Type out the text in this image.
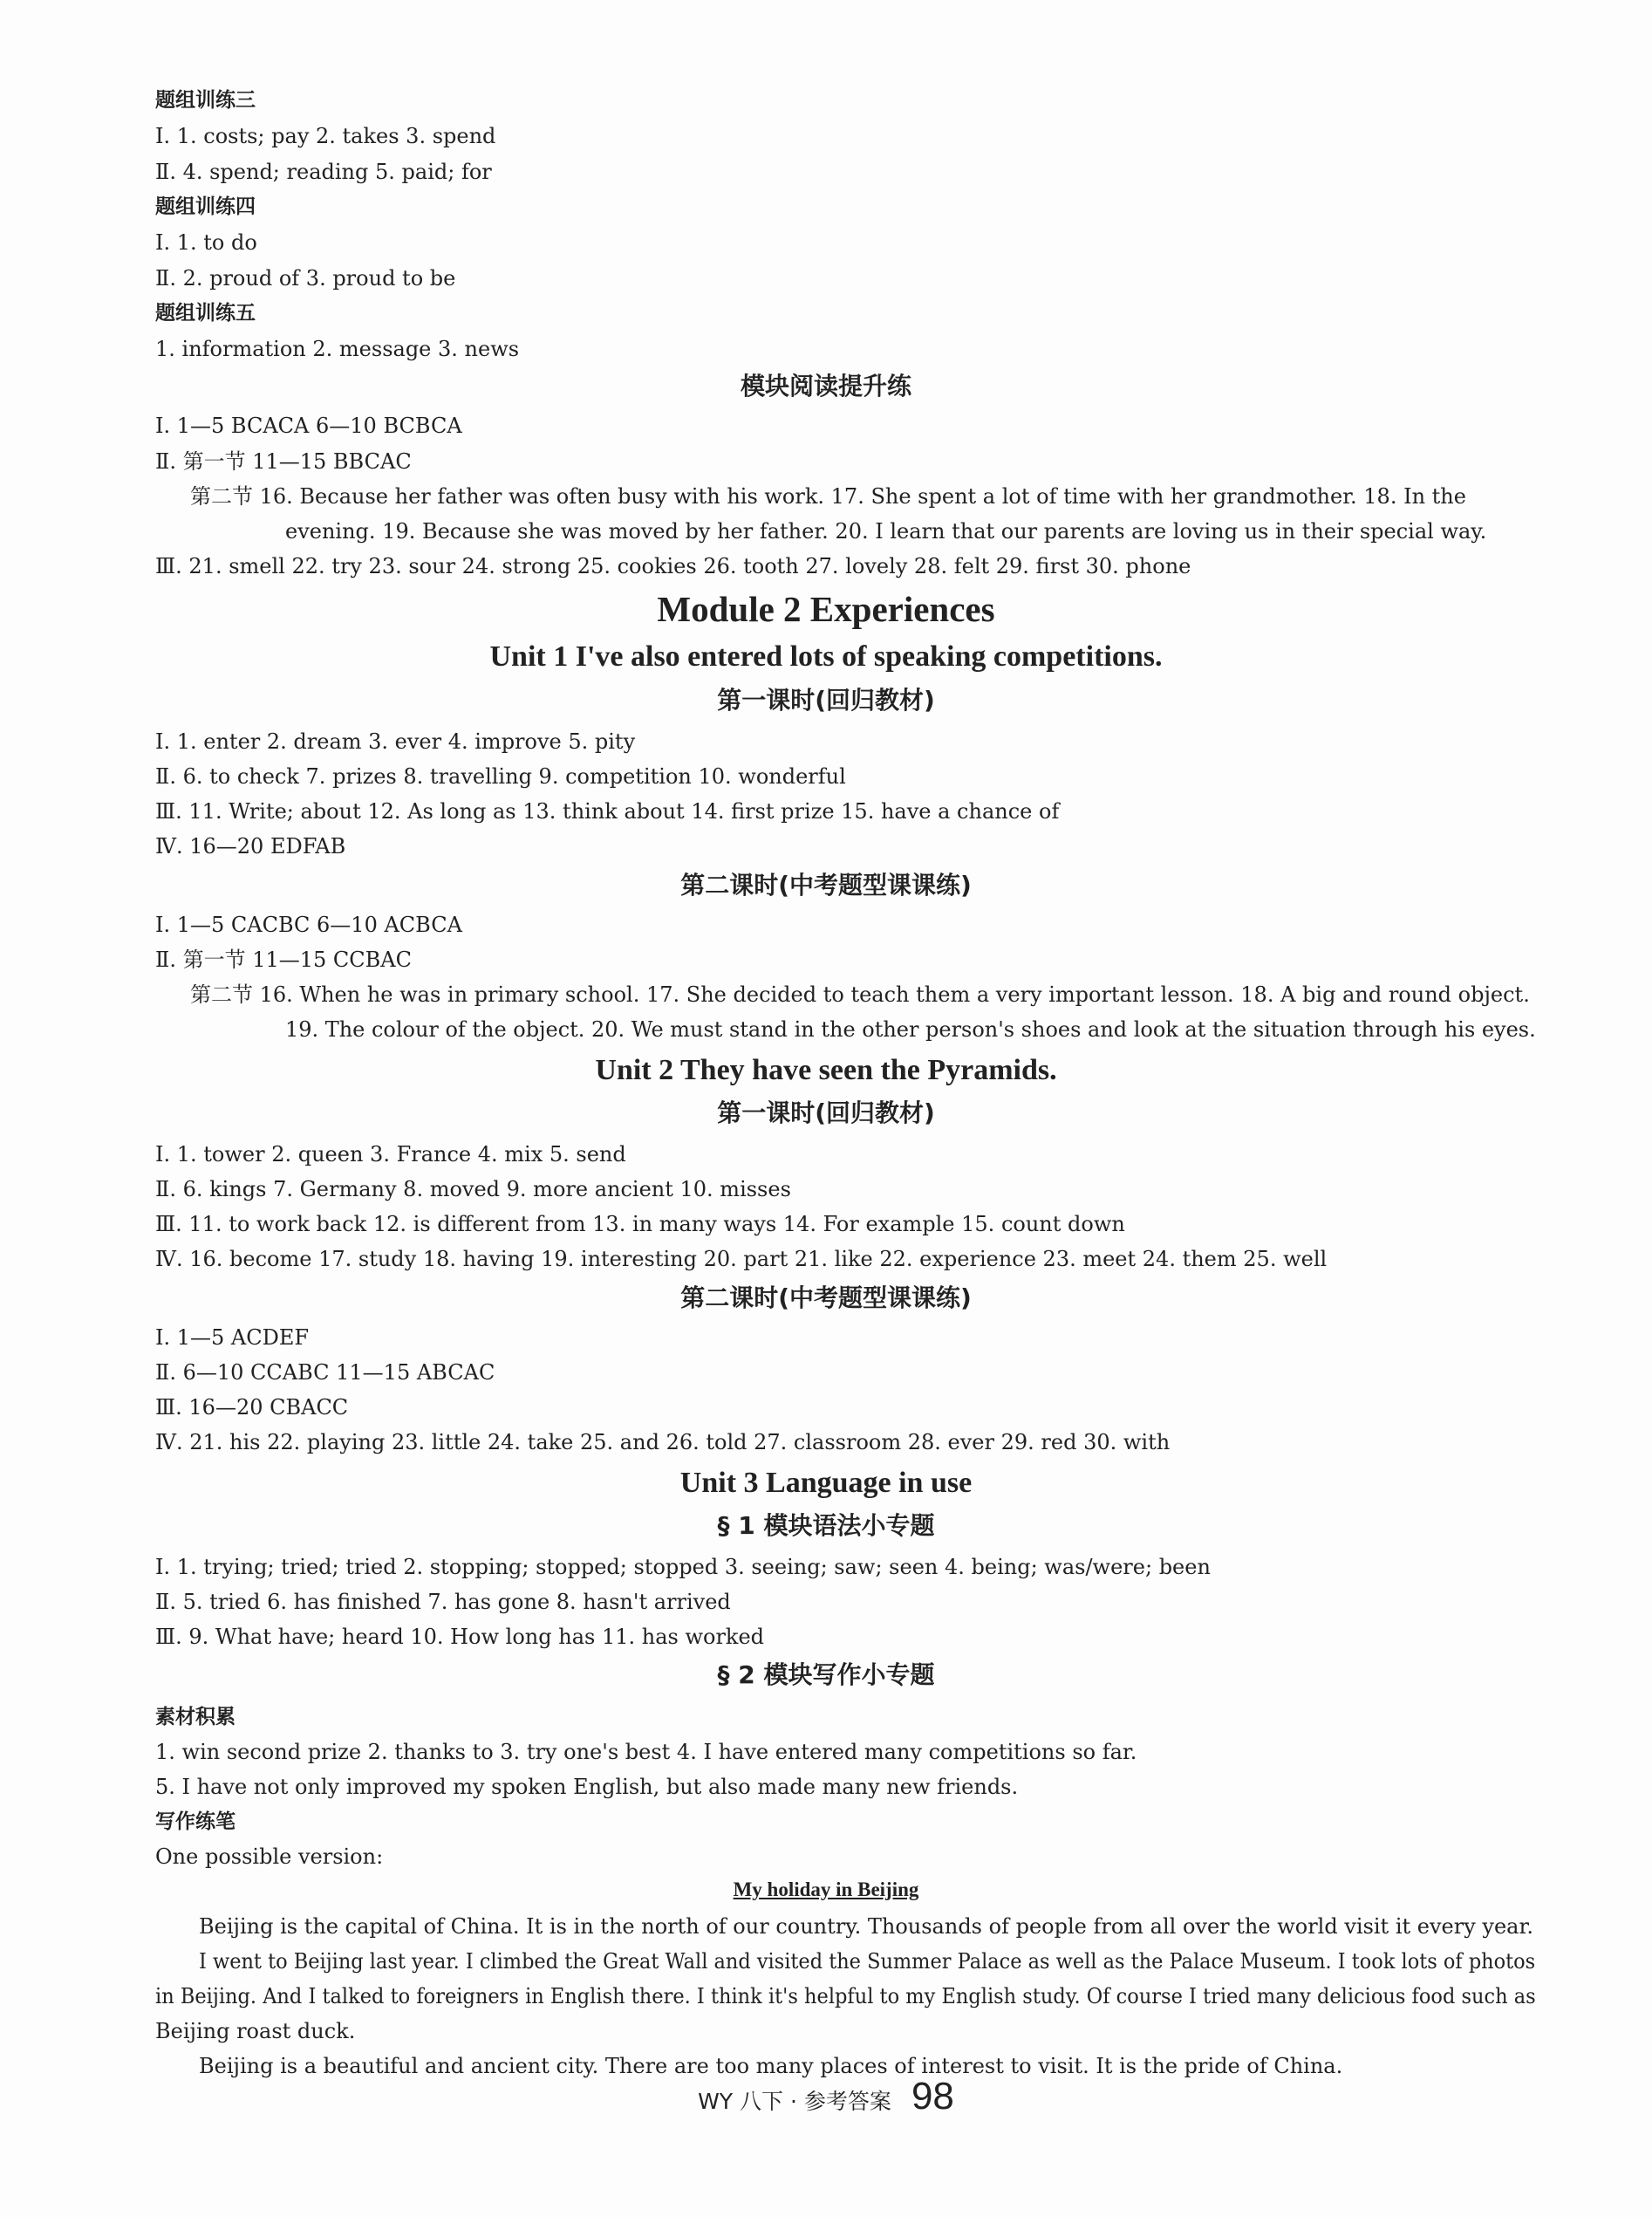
题组训练三
Ⅰ. 1. costs; pay 2. takes 3. spend
Ⅱ. 4. spend; reading 5. paid; for
题组训练四
Ⅰ. 1. to do
Ⅱ. 2. proud of 3. proud to be
题组训练五
1. information 2. message 3. news
模块阅读提升练
Ⅰ. 1—5 BCACA 6—10 BCBCA
Ⅱ. 第一节 11—15 BBCAC
第二节 16. Because her father was often busy with his work. 17. She spent a lot of time with her grandmother. 18. In the
evening. 19. Because she was moved by her father. 20. I learn that our parents are loving us in their special way.
Ⅲ. 21. smell 22. try 23. sour 24. strong 25. cookies 26. tooth 27. lovely 28. felt 29. first 30. phone
Module 2 Experiences
Unit 1 I've also entered lots of speaking competitions.
第一课时(回归教材)
Ⅰ. 1. enter 2. dream 3. ever 4. improve 5. pity
Ⅱ. 6. to check 7. prizes 8. travelling 9. competition 10. wonderful
Ⅲ. 11. Write; about 12. As long as 13. think about 14. first prize 15. have a chance of
Ⅳ. 16—20 EDFAB
第二课时(中考题型课课练)
Ⅰ. 1—5 CACBC 6—10 ACBCA
Ⅱ. 第一节 11—15 CCBAC
第二节 16. When he was in primary school. 17. She decided to teach them a very important lesson. 18. A big and round object.
19. The colour of the object. 20. We must stand in the other person's shoes and look at the situation through his eyes.
Unit 2 They have seen the Pyramids.
第一课时(回归教材)
Ⅰ. 1. tower 2. queen 3. France 4. mix 5. send
Ⅱ. 6. kings 7. Germany 8. moved 9. more ancient 10. misses
Ⅲ. 11. to work back 12. is different from 13. in many ways 14. For example 15. count down
Ⅳ. 16. become 17. study 18. having 19. interesting 20. part 21. like 22. experience 23. meet 24. them 25. well
第二课时(中考题型课课练)
Ⅰ. 1—5 ACDEF
Ⅱ. 6—10 CCABC 11—15 ABCAC
Ⅲ. 16—20 CBACC
Ⅳ. 21. his 22. playing 23. little 24. take 25. and 26. told 27. classroom 28. ever 29. red 30. with
Unit 3 Language in use
§ 1 模块语法小专题
Ⅰ. 1. trying; tried; tried 2. stopping; stopped; stopped 3. seeing; saw; seen 4. being; was/were; been
Ⅱ. 5. tried 6. has finished 7. has gone 8. hasn't arrived
Ⅲ. 9. What have; heard 10. How long has 11. has worked
§ 2 模块写作小专题
素材积累
1. win second prize 2. thanks to 3. try one's best 4. I have entered many competitions so far.
5. I have not only improved my spoken English, but also made many new friends.
写作练笔
One possible version:
My holiday in Beijing
Beijing is the capital of China. It is in the north of our country. Thousands of people from all over the world visit it every year.
I went to Beijing last year. I climbed the Great Wall and visited the Summer Palace as well as the Palace Museum. I took lots of photos
in Beijing. And I talked to foreigners in English there. I think it's helpful to my English study. Of course I tried many delicious food such as
Beijing roast duck.
Beijing is a beautiful and ancient city. There are too many places of interest to visit. It is the pride of China.
WY 八下 · 参考答案 98
